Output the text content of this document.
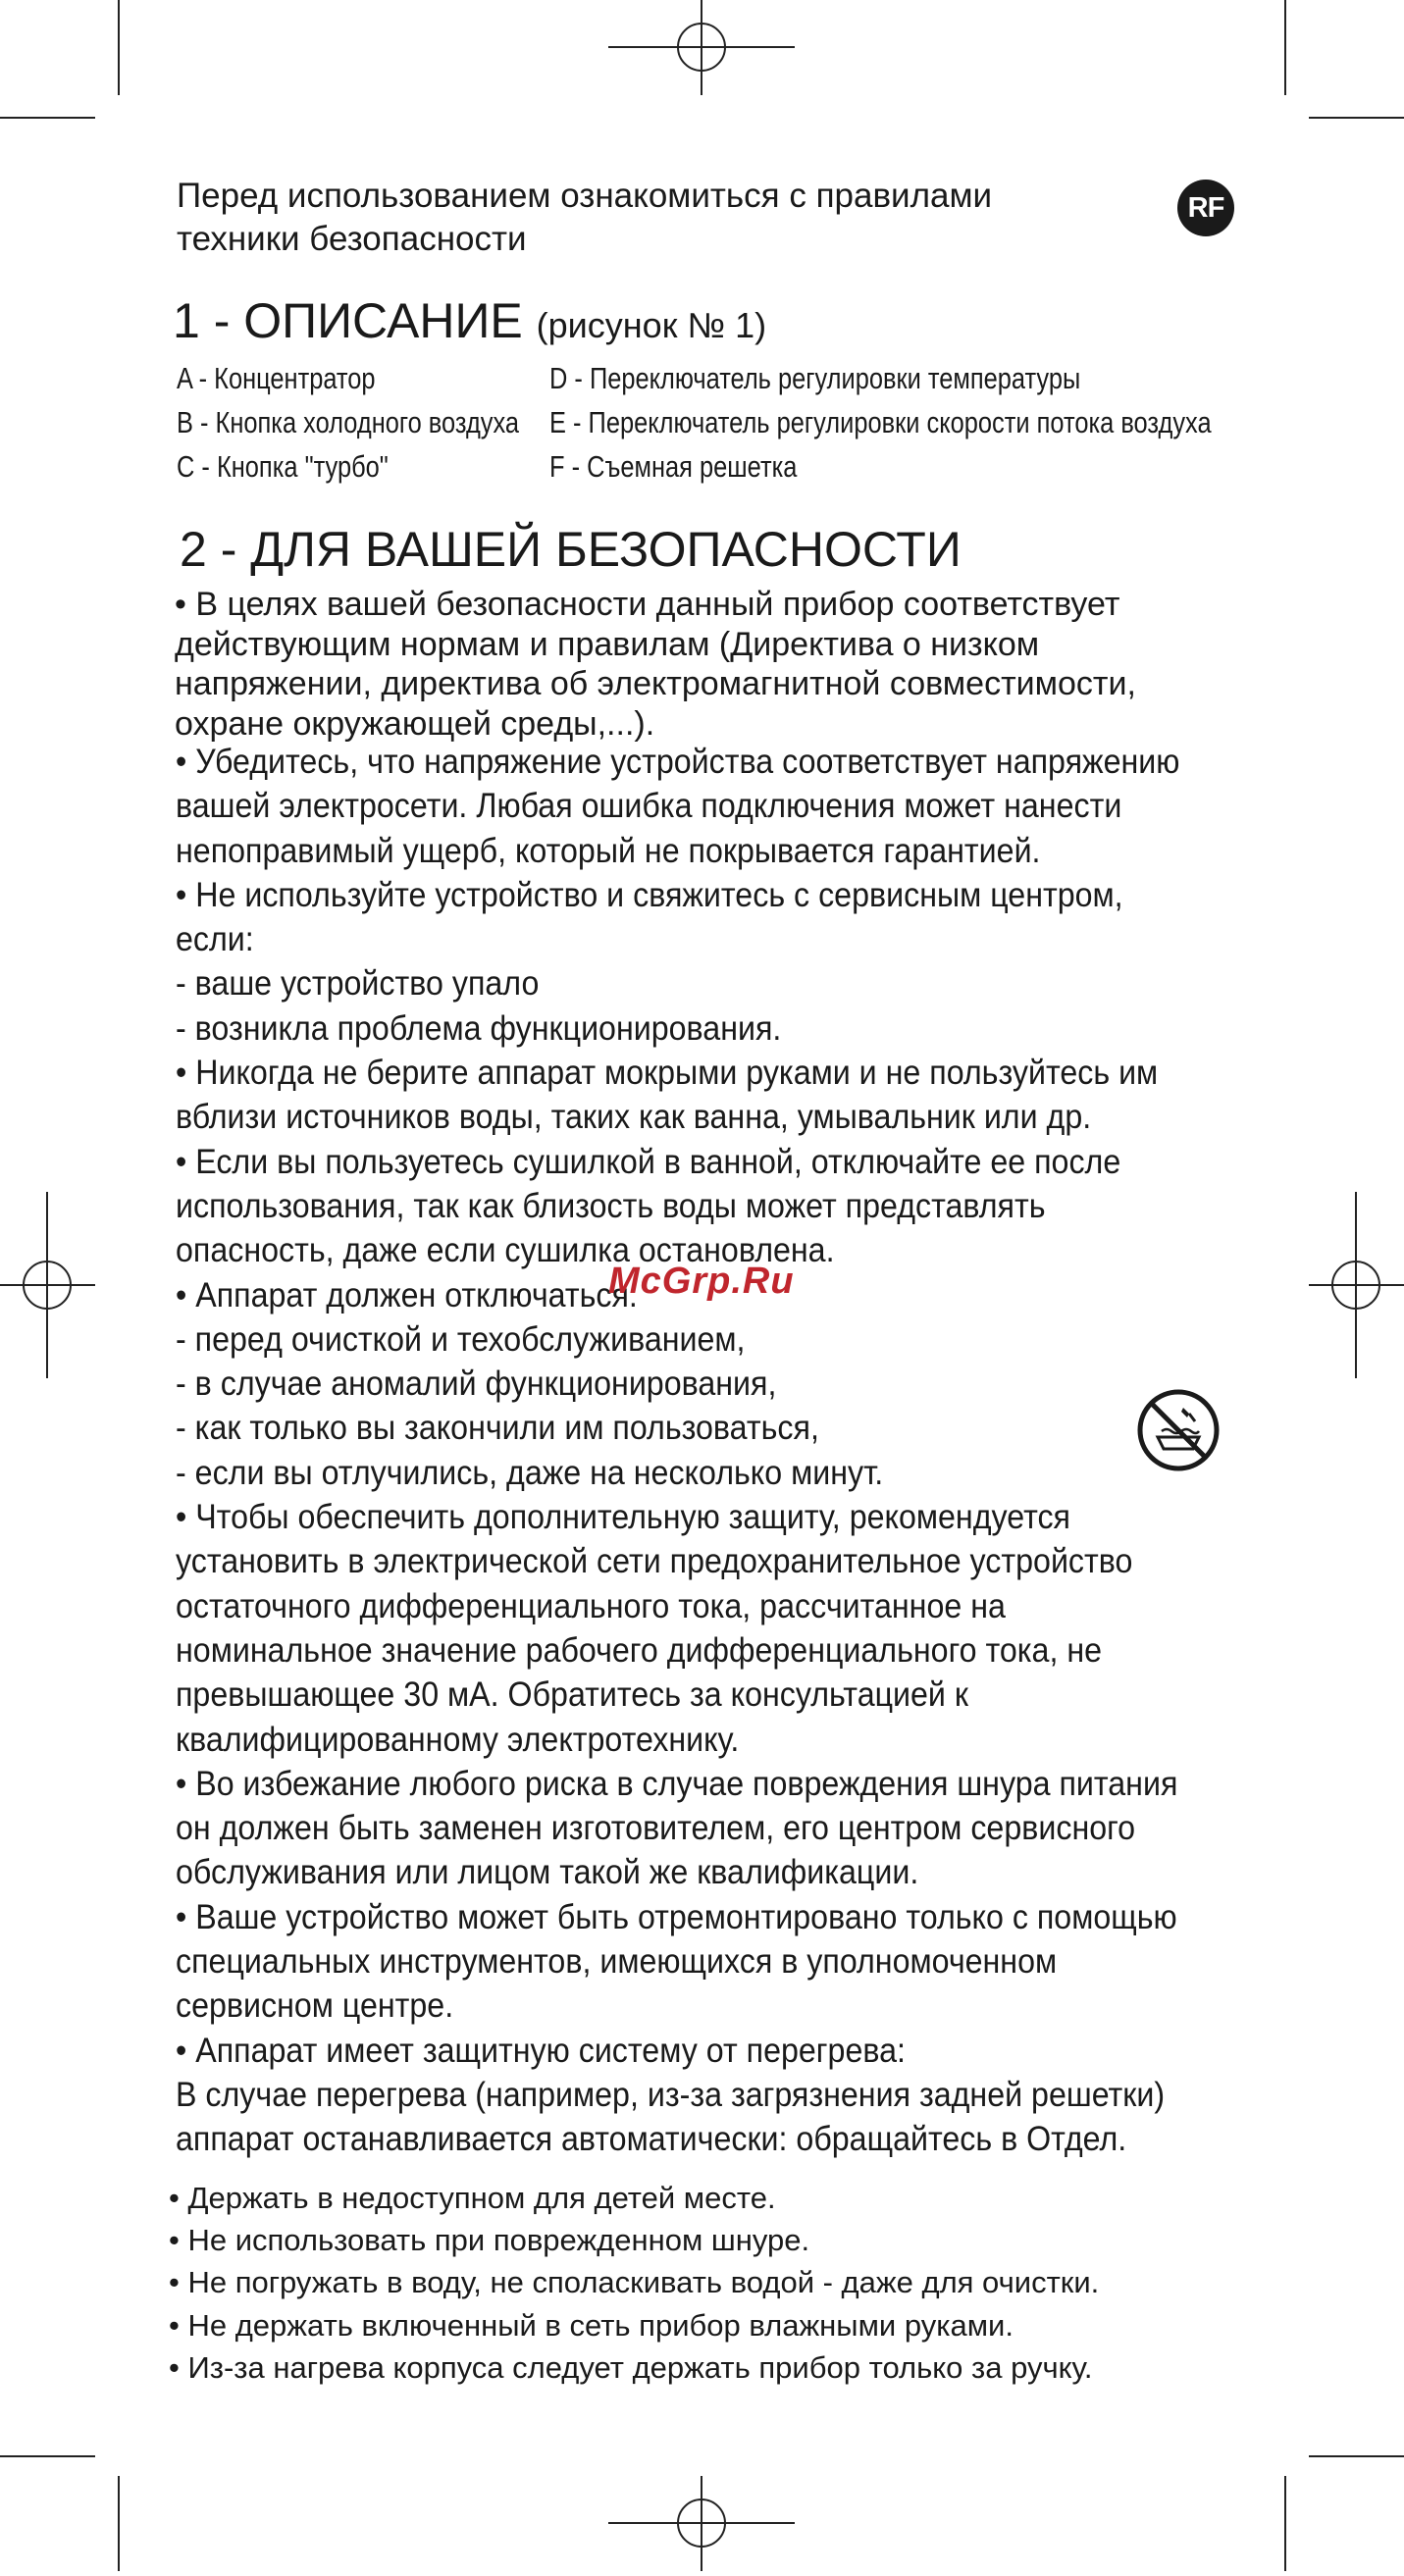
Перед использованием ознакомиться с правилами
техники безопасности
RF
1 - ОПИСАНИЕ (рисунок № 1)
A - Концентратор
B - Кнопка холодного воздуха
C - Кнопка "турбо"
D - Переключатель регулировки температуры
E - Переключатель регулировки скорости потока воздуха
F - Съемная решетка
2 - ДЛЯ ВАШЕЙ БЕЗОПАСНОСТИ

• В целях вашей безопасности данный прибор соответствует

действующим нормам и правилам (Директива о низком

напряжении, директива об электромагнитной совместимости,

охране окружающей среды,...).

• Убедитесь, что напряжение устройства соответствует напряжению
вашей электросети. Любая ошибка подключения может нанести
непоправимый ущерб, который не покрывается гарантией.
• Не используйте устройство и свяжитесь с сервисным центром,
если:
- ваше устройство упало
- возникла проблема функционирования.
• Никогда не берите аппарат мокрыми руками и не пользуйтесь им
вблизи источников воды, таких как ванна, умывальник или др.
• Если вы пользуетесь сушилкой в ванной, отключайте ее после
использования, так как близость воды может представлять
опасность, даже если сушилка остановлена.
• Аппарат должен отключаться:
- перед очисткой и техобслуживанием,
- в случае аномалий функционирования,
- как только вы закончили им пользоваться,
- если вы отлучились, даже на несколько минут.
• Чтобы обеспечить дополнительную защиту, рекомендуется
установить в электрической сети предохранительное устройство
остаточного дифференциального тока, рассчитанное на
номинальное значение рабочего дифференциального тока, не
превышающее 30 мА. Обратитесь за консультацией к
квалифицированному электротехнику.
• Во избежание любого риска в случае повреждения шнура питания
он должен быть заменен изготовителем, его центром сервисного
обслуживания или лицом такой же квалификации.
• Ваше устройство может быть отремонтировано только с помощью
специальных инструментов, имеющихся в уполномоченном
сервисном центре.
• Аппарат имеет защитную систему от перегрева:
В случае перегрева (например, из-за загрязнения задней решетки)
аппарат останавливается автоматически: обращайтесь в Отдел.
• Держать в недоступном для детей месте.
• Не использовать при поврежденном шнуре.
• Не погружать в воду, не споласкивать водой - даже для очистки.
• Не держать включенный в сеть прибор влажными руками.
• Из-за нагрева корпуса следует держать прибор только за ручку.
McGrp.Ru
